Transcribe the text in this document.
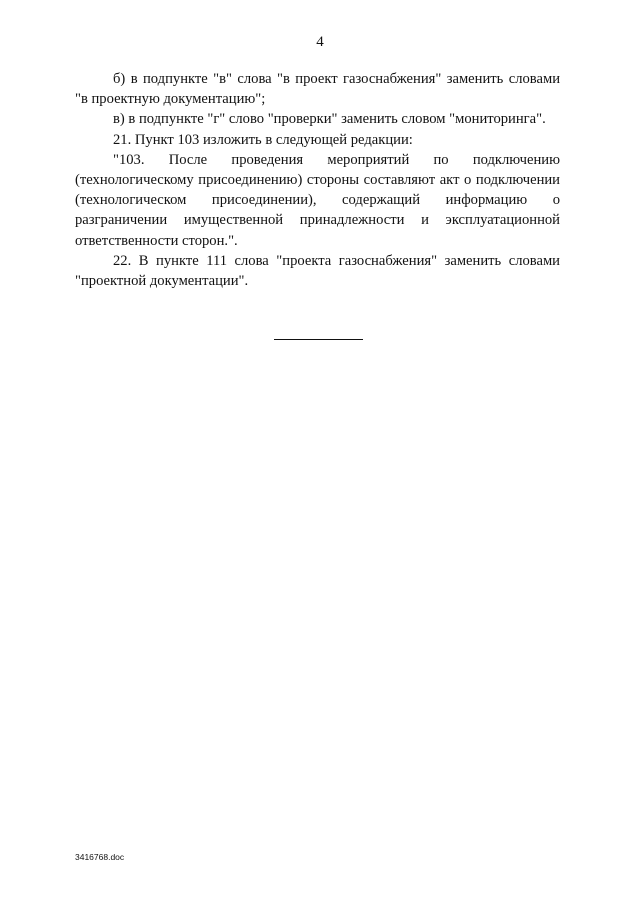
4

б) в подпункте "в" слова "в проект газоснабжения" заменить словами "в проектную документацию";

в) в подпункте "г" слово "проверки" заменить словом "мониторинга".

21. Пункт 103 изложить в следующей редакции:

"103. После проведения мероприятий по подключению (технологическому присоединению) стороны составляют акт о подключении (технологическом присоединении), содержащий информацию о разграничении имущественной принадлежности и эксплуатационной ответственности сторон.".

22. В пункте 111 слова "проекта газоснабжения" заменить словами "проектной документации".

3416768.doc
